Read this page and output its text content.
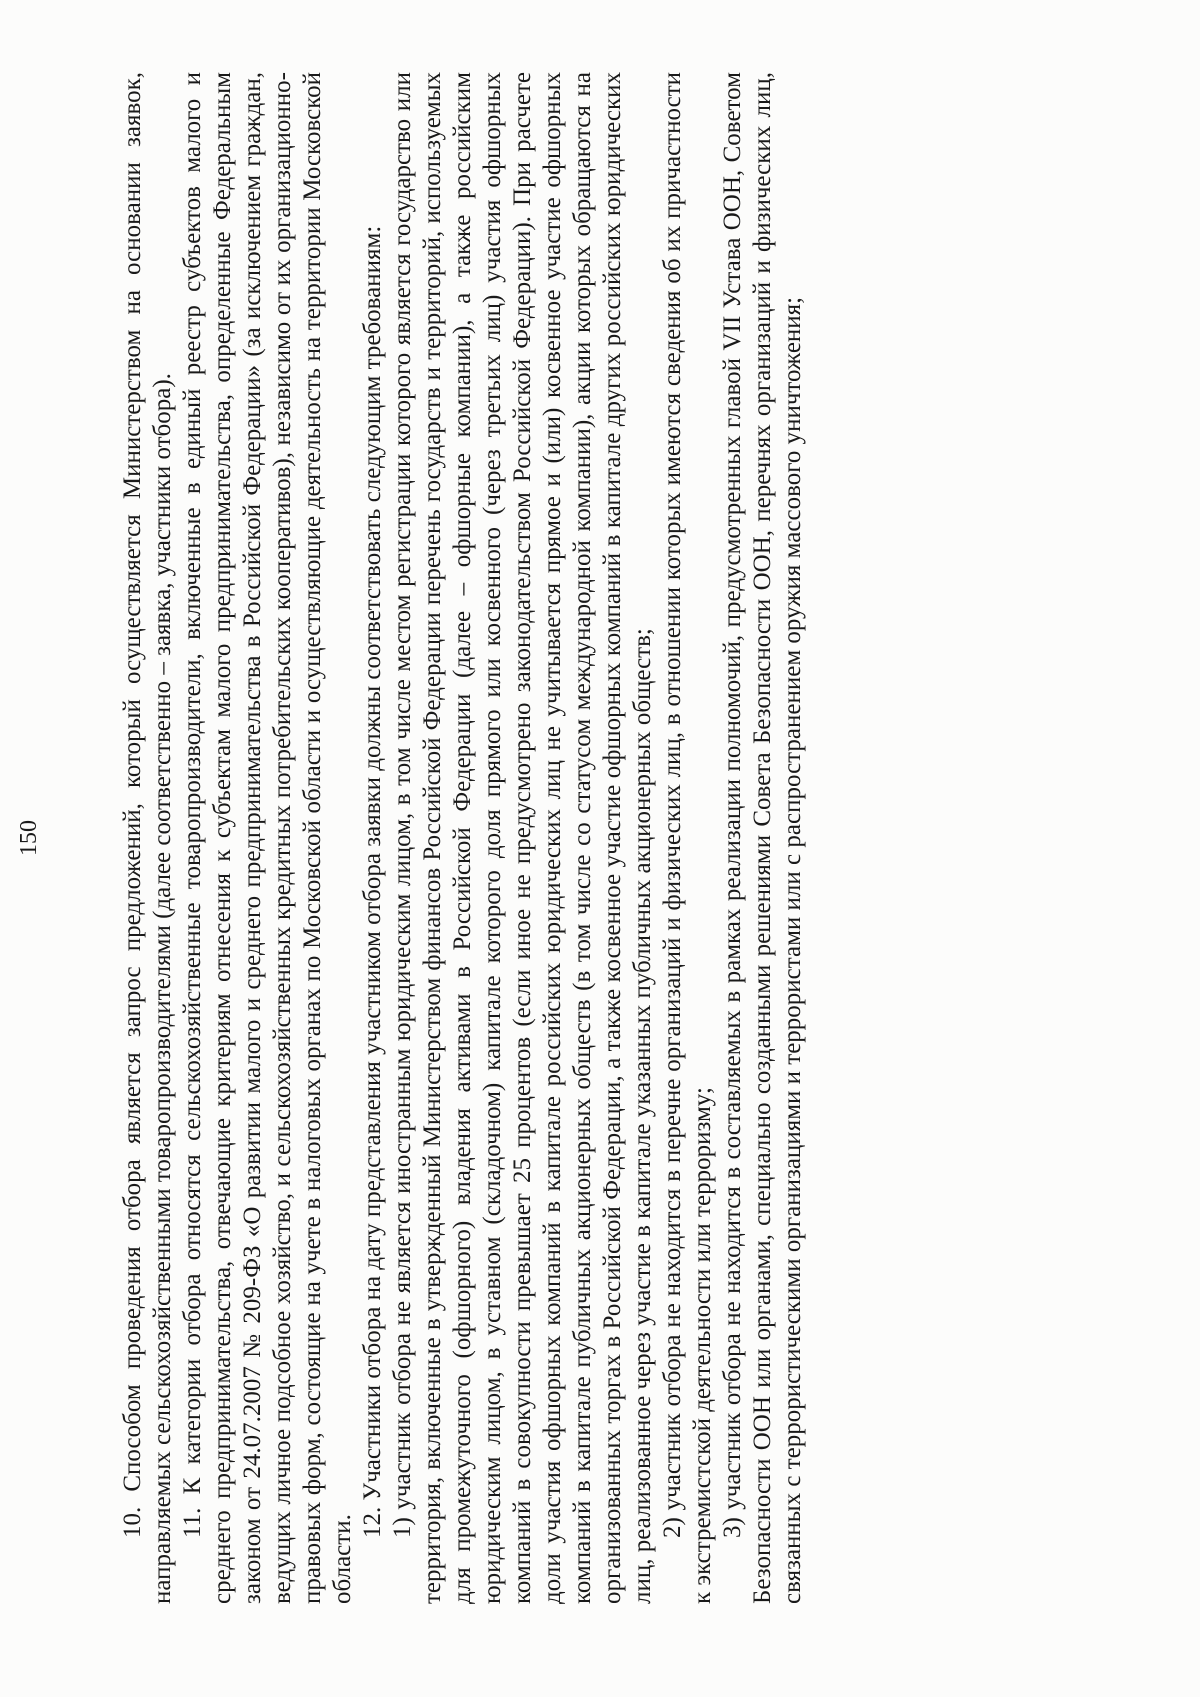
150	10. Способом проведения отбора является запрос предложений, который осуществляется Министерством на основании заявок, направляемых сельскохозяйственными товаропроизводителями (далее соответственно – заявка, участники отбора). 11. К категории отбора относятся сельскохозяйственные товаропроизводители, включенные в единый реестр субъектов малого и среднего предпринимательства, отвечающие критериям отнесения к субъектам малого предпринимательства, определенные Федеральным законом от 24.07.2007 № 209-ФЗ «О развитии малого и среднего предпринимательства в Российской Федерации» (за исключением граждан, ведущих личное подсобное хозяйство, и сельскохозяйственных кредитных потребительских кооперативов), независимо от их организационно-правовых форм, состоящие на учете в налоговых органах по Московской области и осуществляющие деятельность на территории Московской области.

12. Участники отбора на дату представления участником отбора заявки должны соответствовать следующим требованиям: 1) участник отбора не является иностранным юридическим лицом, в том числе местом регистрации которого является государство или территория, включенные в утвержденный Министерством финансов Российской Федерации перечень государств и территорий, используемых для промежуточного (офшорного) владения активами в Российской Федерации (далее – офшорные компании), а также российским юридическим лицом, в уставном (складочном) капитале которого доля прямого или косвенного (через третьих лиц) участия офшорных компаний в совокупности превышает 25 процентов (если иное не предусмотрено законодательством Российской Федерации). При расчете доли участия офшорных компаний в капитале российских юридических лиц не учитывается прямое и (или) косвенное участие офшорных компаний в капитале публичных акционерных обществ (в том числе со статусом международной компании), акции которых обращаются на организованных торгах в Российской Федерации, а также косвенное участие офшорных компаний в капитале других российских юридических лиц, реализованное через участие в капитале указанных публичных акционерных обществ; 2) участник отбора не находится в перечне организаций и физических лиц, в отношении которых имеются сведения об их причастности к экстремистской деятельности или терроризму; 3) участник отбора не находится в составляемых в рамках реализации полномочий, предусмотренных главой VII Устава ООН, Советом Безопасности ООН или органами, специально созданными решениями Совета Безопасности ООН, перечнях организаций и физических лиц, связанных с террористическими организациями и террористами или с распространением оружия массового уничтожения;
